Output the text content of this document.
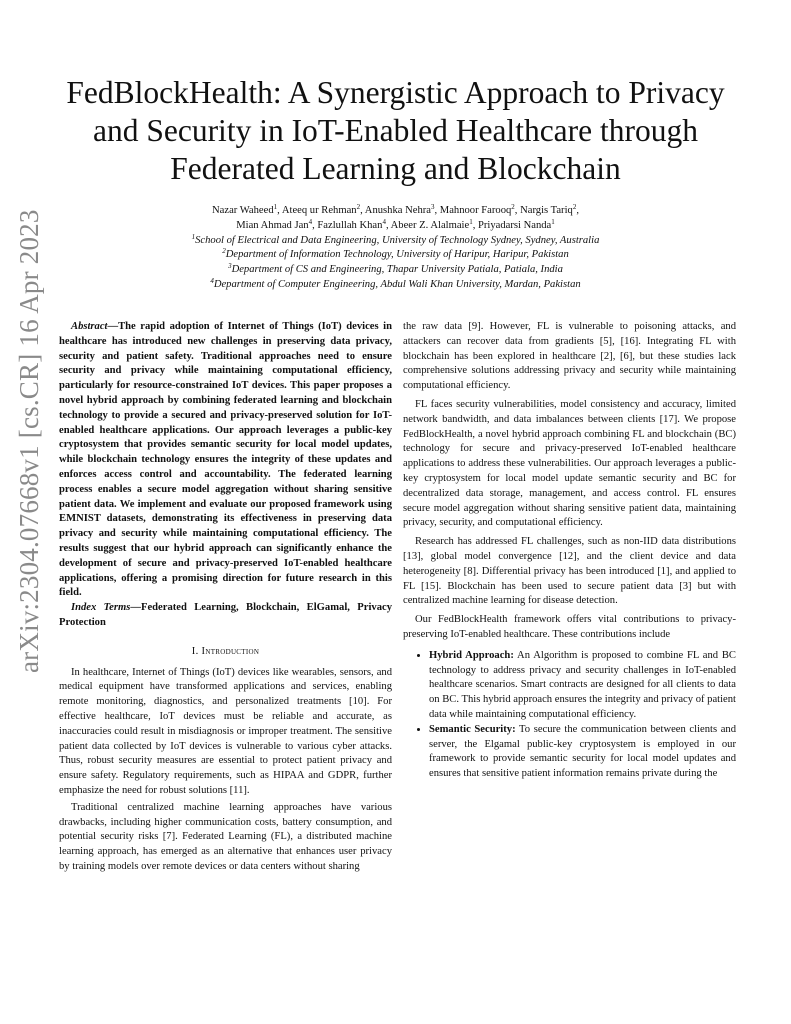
arXiv:2304.07668v1 [cs.CR] 16 Apr 2023
FedBlockHealth: A Synergistic Approach to Privacy and Security in IoT-Enabled Healthcare through Federated Learning and Blockchain
Nazar Waheed$^1$, Ateeq ur Rehman$^2$, Anushka Nehra$^3$, Mahnoor Farooq$^2$, Nargis Tariq$^2$,
Mian Ahmad Jan$^4$, Fazlullah Khan$^4$, Abeer Z. Alalmaie$^1$, Priyadarsi Nanda$^1$
$^1$School of Electrical and Data Engineering, University of Technology Sydney, Sydney, Australia
$^2$Department of Information Technology, University of Haripur, Haripur, Pakistan
$^3$Department of CS and Engineering, Thapar University Patiala, Patiala, India
$^4$Department of Computer Engineering, Abdul Wali Khan University, Mardan, Pakistan

Abstract—The rapid adoption of Internet of Things (IoT) devices in healthcare has introduced new challenges in preserving data privacy, security and patient safety. Traditional approaches need to ensure security and privacy while maintaining computational efficiency, particularly for resource-constrained IoT devices. This paper proposes a novel hybrid approach by combining federated learning and blockchain technology to provide a secured and privacy-preserved solution for IoT-enabled healthcare applications. Our approach leverages a public-key cryptosystem that provides semantic security for local model updates, while blockchain technology ensures the integrity of these updates and enforces access control and accountability. The federated learning process enables a secure model aggregation without sharing sensitive patient data. We implement and evaluate our proposed framework using EMNIST datasets, demonstrating its effectiveness in preserving data privacy and security while maintaining computational efficiency. The results suggest that our hybrid approach can significantly enhance the development of secure and privacy-preserved IoT-enabled healthcare applications, offering a promising direction for future research in this field.

Index Terms—Federated Learning, Blockchain, ElGamal, Privacy Protection

I. Introduction

In healthcare, Internet of Things (IoT) devices like wearables, sensors, and medical equipment have transformed applications and services, enabling remote monitoring, diagnostics, and personalized treatments [10]. For effective healthcare, IoT devices must be reliable and accurate, as inaccuracies could result in misdiagnosis or improper treatment. The sensitive patient data collected by IoT devices is vulnerable to various cyber attacks. Thus, robust security measures are essential to protect patient privacy and ensure safety. Regulatory requirements, such as HIPAA and GDPR, further emphasize the need for robust solutions [11].

Traditional centralized machine learning approaches have various drawbacks, including higher communication costs, battery consumption, and potential security risks [7]. Federated Learning (FL), a distributed machine learning approach, has emerged as an alternative that enhances user privacy by training models over remote devices or data centers without sharing

the raw data [9]. However, FL is vulnerable to poisoning attacks, and attackers can recover data from gradients [5], [16]. Integrating FL with blockchain has been explored in healthcare [2], [6], but these studies lack comprehensive solutions addressing privacy and security while maintaining computational efficiency.

FL faces security vulnerabilities, model consistency and accuracy, limited network bandwidth, and data imbalances between clients [17]. We propose FedBlockHealth, a novel hybrid approach combining FL and blockchain (BC) technology for secure and privacy-preserved IoT-enabled healthcare applications to address these vulnerabilities. Our approach leverages a public-key cryptosystem for local model update semantic security and BC for decentralized data storage, management, and access control. FL ensures secure model aggregation without sharing sensitive patient data, maintaining privacy, security, and computational efficiency.

Research has addressed FL challenges, such as non-IID data distributions [13], global model convergence [12], and the client device and data heterogeneity [8]. Differential privacy has been introduced [1], and applied to FL [15]. Blockchain has been used to secure patient data [3] but with centralized machine learning for disease detection.

Our FedBlockHealth framework offers vital contributions to privacy-preserving IoT-enabled healthcare. These contributions include

• Hybrid Approach: An Algorithm is proposed to combine FL and BC technology to address privacy and security challenges in IoT-enabled healthcare scenarios. Smart contracts are designed for all clients to data on BC. This hybrid approach ensures the integrity and privacy of patient data while maintaining computational efficiency.
• Semantic Security: To secure the communication between clients and server, the Elgamal public-key cryptosystem is employed in our framework to provide semantic security for local model updates and ensures that sensitive patient information remains private during the
